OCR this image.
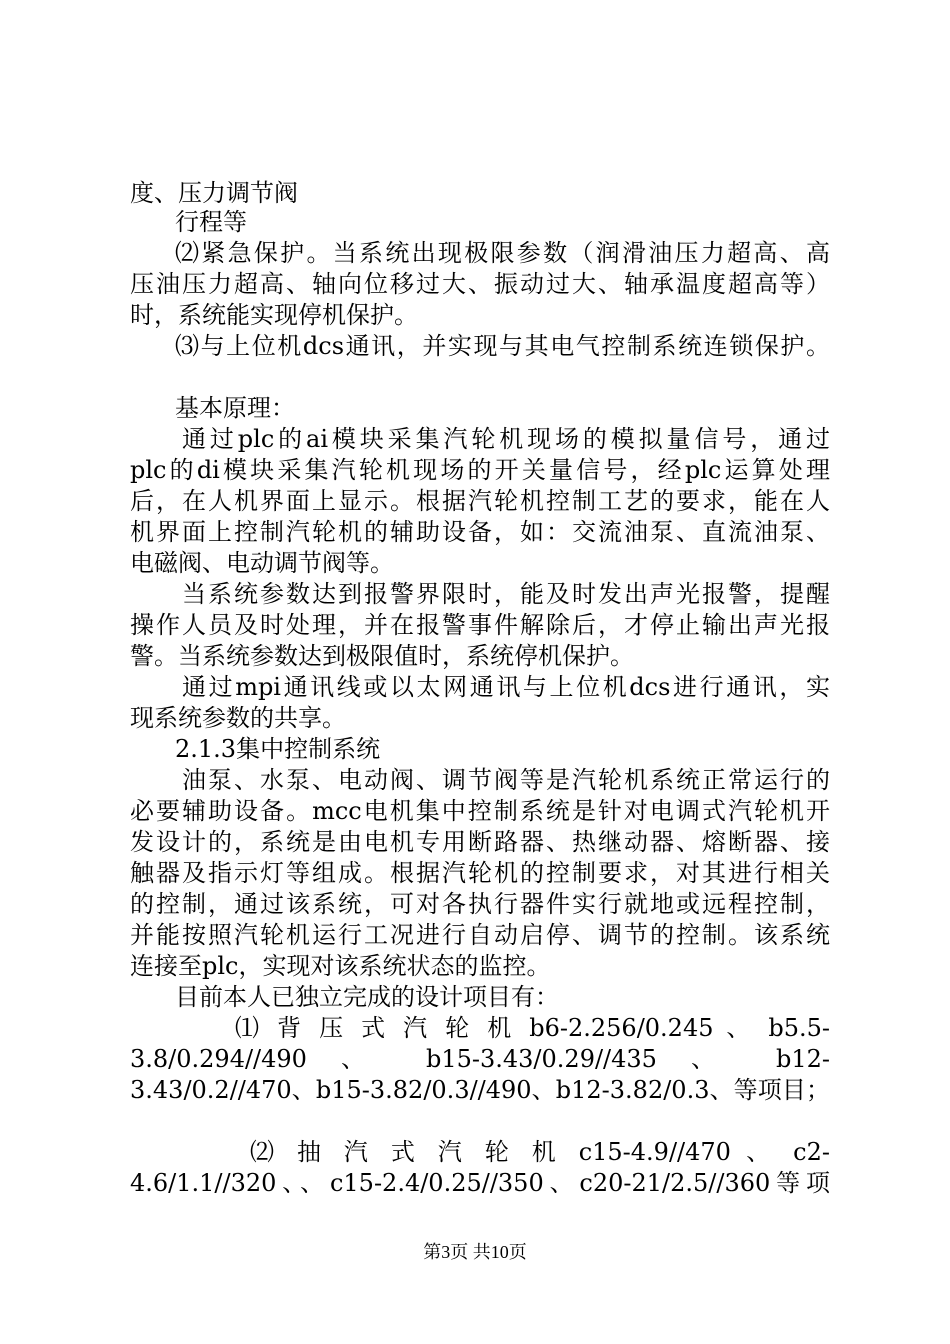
度、压力调节阀
行程等
⑵紧急保护。当系统出现极限参数（润滑油压力超高、高
压油压力超高、轴向位移过大、振动过大、轴承温度超高等）
时，系统能实现停机保护。
⑶与上位机dcs通讯，并实现与其电气控制系统连锁保护。
基本原理：
通过plc的ai模块采集汽轮机现场的模拟量信号，通过
plc的di模块采集汽轮机现场的开关量信号，经plc运算处理
后，在人机界面上显示。根据汽轮机控制工艺的要求，能在人
机界面上控制汽轮机的辅助设备，如：交流油泵、直流油泵、
电磁阀、电动调节阀等。
当系统参数达到报警界限时，能及时发出声光报警，提醒
操作人员及时处理，并在报警事件解除后，才停止输出声光报
警。当系统参数达到极限值时，系统停机保护。
通过mpi通讯线或以太网通讯与上位机dcs进行通讯，实
现系统参数的共享。
2.1.3集中控制系统
油泵、水泵、电动阀、调节阀等是汽轮机系统正常运行的
必要辅助设备。mcc电机集中控制系统是针对电调式汽轮机开
发设计的，系统是由电机专用断路器、热继动器、熔断器、接
触器及指示灯等组成。根据汽轮机的控制要求，对其进行相关
的控制，通过该系统，可对各执行器件实行就地或远程控制，
并能按照汽轮机运行工况进行自动启停、调节的控制。该系统
连接至plc，实现对该系统状态的监控。
目前本人已独立完成的设计项目有：
⑴ 背 压 式 汽 轮 机 b6-2.256/0.245 、 b5.5-
3.8/0.294//490 、 b15-3.43/0.29//435 、 b12-
3.43/0.2//470、b15-3.82/0.3//490、b12-3.82/0.3、等项目；
⑵ 抽 汽 式 汽 轮 机 c15-4.9//470 、 c2-
4.6/1.1//320、、c15-2.4/0.25//350、c20-21/2.5//360等项
第3页 共10页
